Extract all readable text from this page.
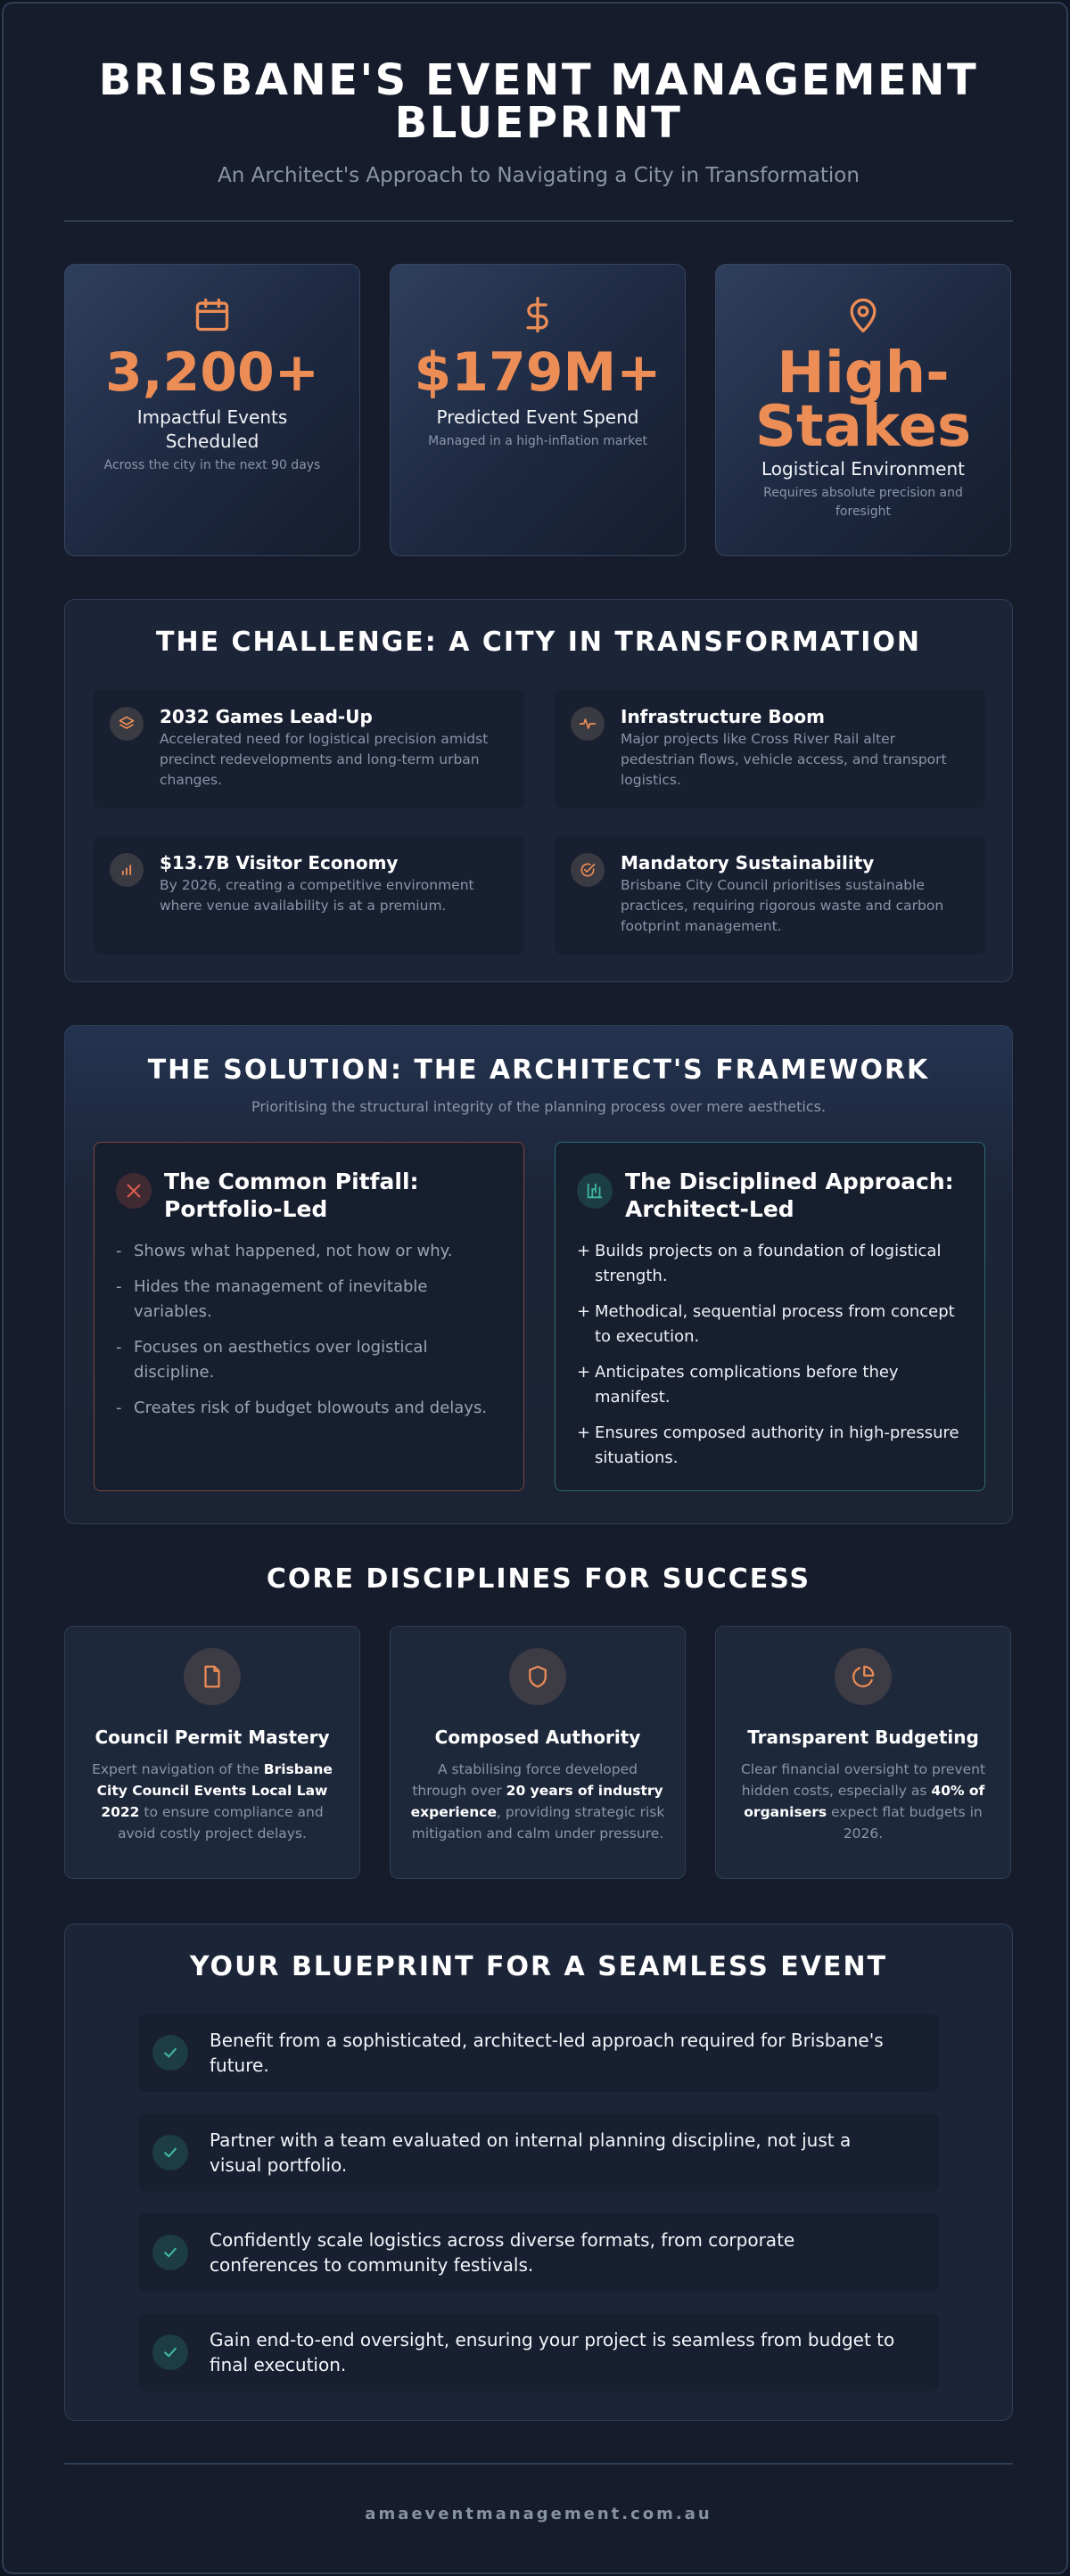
BRISBANE'S EVENT MANAGEMENT BLUEPRINT
An Architect's Approach to Navigating a City in Transformation
3,200+
Impactful Events Scheduled
Across the city in the next 90 days
$179M+
Predicted Event Spend
Managed in a high-inflation market
High-Stakes
Logistical Environment
Requires absolute precision and foresight
THE CHALLENGE: A CITY IN TRANSFORMATION
2032 Games Lead-Up
Accelerated need for logistical precision amidst precinct redevelopments and long-term urban changes.
Infrastructure Boom
Major projects like Cross River Rail alter pedestrian flows, vehicle access, and transport logistics.
$13.7B Visitor Economy
By 2026, creating a competitive environment where venue availability is at a premium.
Mandatory Sustainability
Brisbane City Council prioritises sustainable practices, requiring rigorous waste and carbon footprint management.
THE SOLUTION: THE ARCHITECT'S FRAMEWORK
Prioritising the structural integrity of the planning process over mere aesthetics.
The Common Pitfall: Portfolio-Led
- Shows what happened, not how or why.
- Hides the management of inevitable variables.
- Focuses on aesthetics over logistical discipline.
- Creates risk of budget blowouts and delays.
The Disciplined Approach: Architect-Led
+ Builds projects on a foundation of logistical strength.
+ Methodical, sequential process from concept to execution.
+ Anticipates complications before they manifest.
+ Ensures composed authority in high-pressure situations.
CORE DISCIPLINES FOR SUCCESS
Council Permit Mastery
Expert navigation of the Brisbane City Council Events Local Law 2022 to ensure compliance and avoid costly project delays.
Composed Authority
A stabilising force developed through over 20 years of industry experience, providing strategic risk mitigation and calm under pressure.
Transparent Budgeting
Clear financial oversight to prevent hidden costs, especially as 40% of organisers expect flat budgets in 2026.
YOUR BLUEPRINT FOR A SEAMLESS EVENT
Benefit from a sophisticated, architect-led approach required for Brisbane's future.
Partner with a team evaluated on internal planning discipline, not just a visual portfolio.
Confidently scale logistics across diverse formats, from corporate conferences to community festivals.
Gain end-to-end oversight, ensuring your project is seamless from budget to final execution.
amaeventmanagement.com.au
